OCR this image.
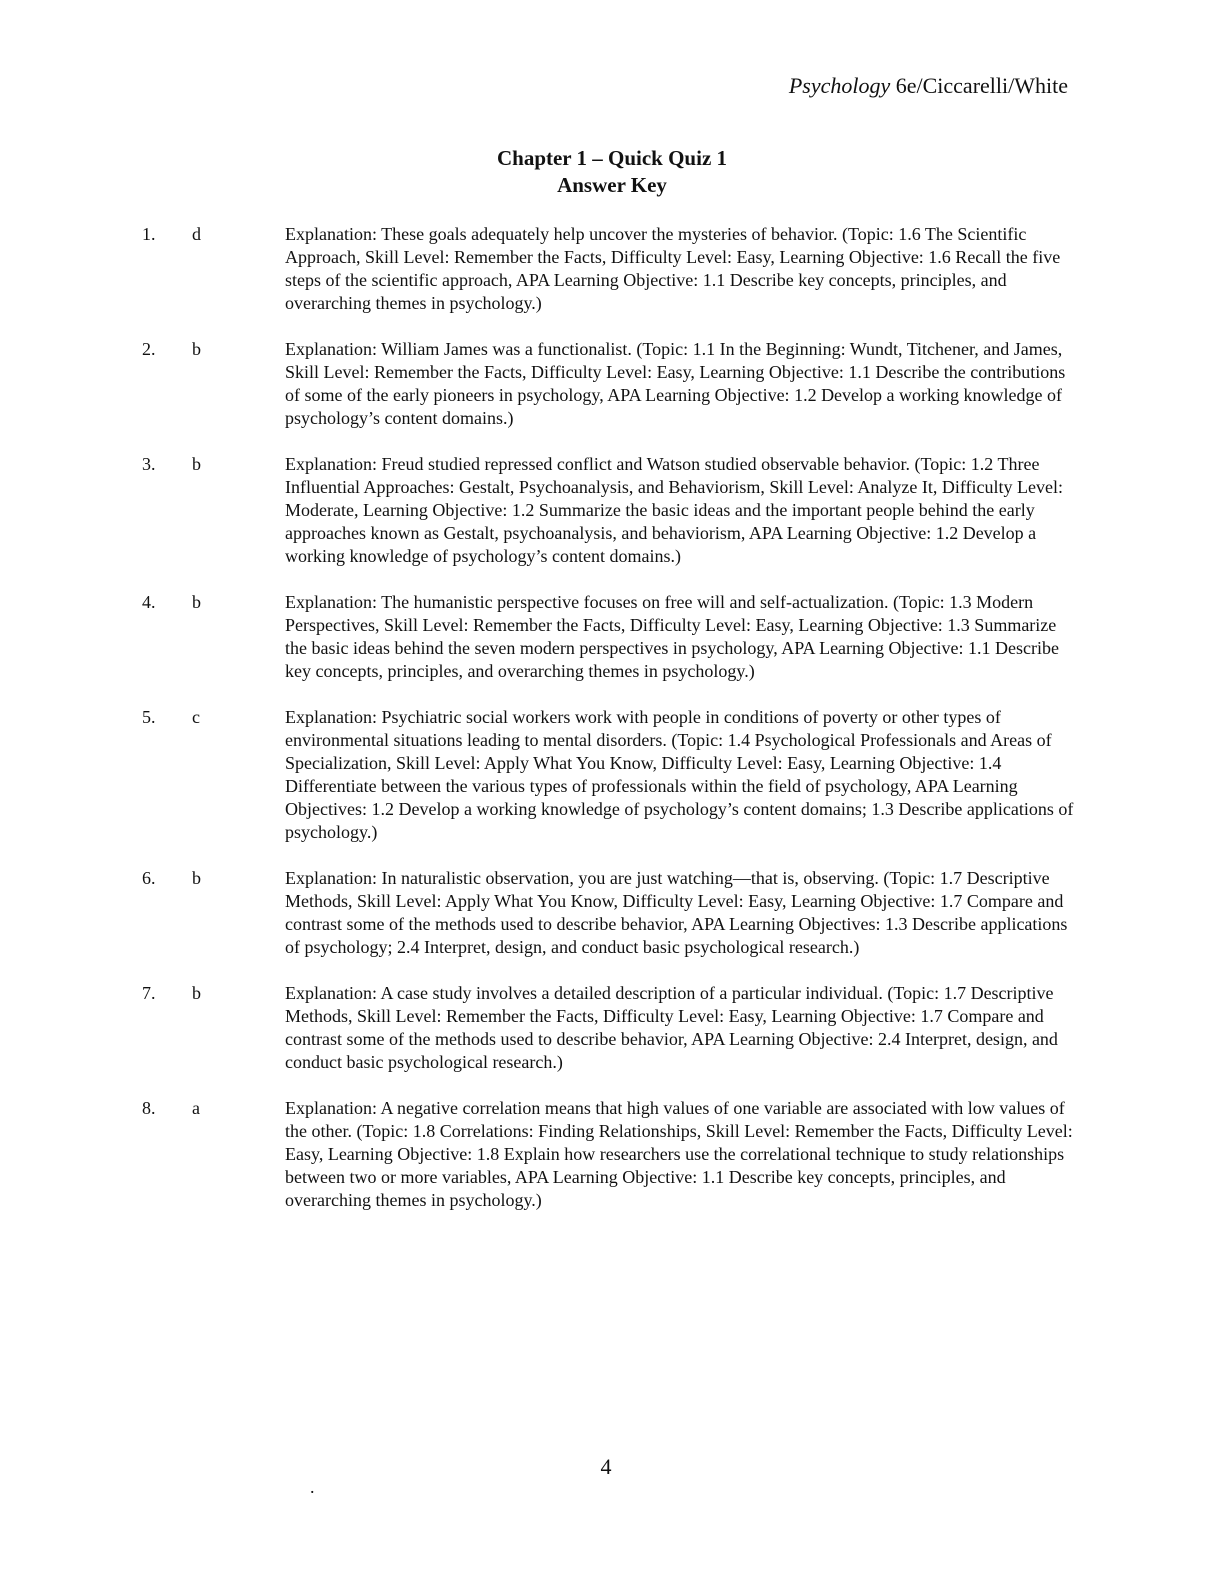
Psychology 6e/Ciccarelli/White
Chapter 1 – Quick Quiz 1
Answer Key
1. d	Explanation: These goals adequately help uncover the mysteries of behavior. (Topic: 1.6 The Scientific Approach, Skill Level: Remember the Facts, Difficulty Level: Easy, Learning Objective: 1.6 Recall the five steps of the scientific approach, APA Learning Objective: 1.1 Describe key concepts, principles, and overarching themes in psychology.)
2. b	Explanation: William James was a functionalist. (Topic: 1.1 In the Beginning: Wundt, Titchener, and James, Skill Level: Remember the Facts, Difficulty Level: Easy, Learning Objective: 1.1 Describe the contributions of some of the early pioneers in psychology, APA Learning Objective: 1.2 Develop a working knowledge of psychology’s content domains.)
3. b	Explanation: Freud studied repressed conflict and Watson studied observable behavior. (Topic: 1.2 Three Influential Approaches: Gestalt, Psychoanalysis, and Behaviorism, Skill Level: Analyze It, Difficulty Level: Moderate, Learning Objective: 1.2 Summarize the basic ideas and the important people behind the early approaches known as Gestalt, psychoanalysis, and behaviorism, APA Learning Objective: 1.2 Develop a working knowledge of psychology’s content domains.)
4. b	Explanation: The humanistic perspective focuses on free will and self-actualization. (Topic: 1.3 Modern Perspectives, Skill Level: Remember the Facts, Difficulty Level: Easy, Learning Objective: 1.3 Summarize the basic ideas behind the seven modern perspectives in psychology, APA Learning Objective: 1.1 Describe key concepts, principles, and overarching themes in psychology.)
5. c	Explanation: Psychiatric social workers work with people in conditions of poverty or other types of environmental situations leading to mental disorders. (Topic: 1.4 Psychological Professionals and Areas of Specialization, Skill Level: Apply What You Know, Difficulty Level: Easy, Learning Objective: 1.4 Differentiate between the various types of professionals within the field of psychology, APA Learning Objectives: 1.2 Develop a working knowledge of psychology’s content domains; 1.3 Describe applications of psychology.)
6. b	Explanation: In naturalistic observation, you are just watching—that is, observing. (Topic: 1.7 Descriptive Methods, Skill Level: Apply What You Know, Difficulty Level: Easy, Learning Objective: 1.7 Compare and contrast some of the methods used to describe behavior, APA Learning Objectives: 1.3 Describe applications of psychology; 2.4 Interpret, design, and conduct basic psychological research.)
7. b	Explanation: A case study involves a detailed description of a particular individual. (Topic: 1.7 Descriptive Methods, Skill Level: Remember the Facts, Difficulty Level: Easy, Learning Objective: 1.7 Compare and contrast some of the methods used to describe behavior, APA Learning Objective: 2.4 Interpret, design, and conduct basic psychological research.)
8. a	Explanation: A negative correlation means that high values of one variable are associated with low values of the other. (Topic: 1.8 Correlations: Finding Relationships, Skill Level: Remember the Facts, Difficulty Level: Easy, Learning Objective: 1.8 Explain how researchers use the correlational technique to study relationships between two or more variables, APA Learning Objective: 1.1 Describe key concepts, principles, and overarching themes in psychology.)
4
.
